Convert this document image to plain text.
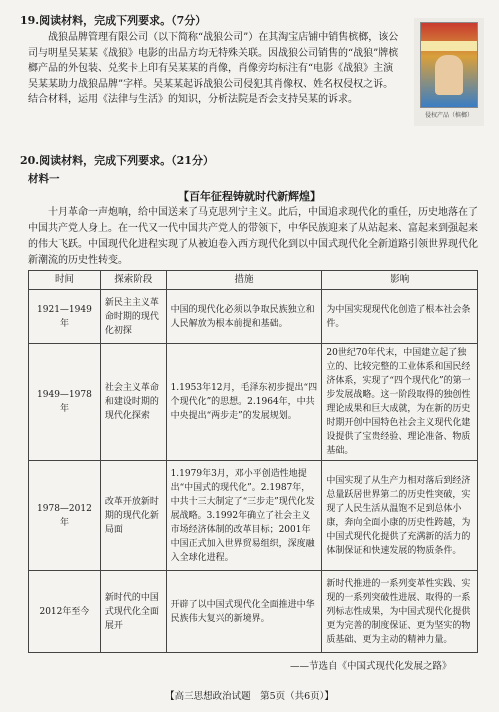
19.阅读材料，完成下列要求。（7分）

战狼品牌管理有限公司（以下简称“战狼公司”）在其淘宝店铺中销售槟榔，该公司与明星吴某某《战狼》电影的出品方均无特殊关联。因战狼公司销售的“战狼”牌槟榔产品的外包装、兑奖卡上印有吴某某的肖像，肖像旁均标注有“电影《战狼》主演吴某某助力战狼品牌”字样。吴某某起诉战狼公司侵犯其肖像权、姓名权侵权之诉。

结合材料，运用《法律与生活》的知识，分析法院是否会支持吴某的诉求。

侵权产品（槟榔）
20.阅读材料，完成下列要求。（21分）
材料一
【百年征程铸就时代新辉煌】

十月革命一声炮响，给中国送来了马克思列宁主义。此后，中国追求现代化的重任，历史地落在了中国共产党人身上。在一代又一代中国共产党人的带领下，中华民族迎来了从站起来、富起来到强起来的伟大飞跃。中国现代化进程实现了从被迫卷入西方现代化到以中国式现代化全新道路引领世界现代化新潮流的历史性转变。

时间	探索阶段	措施	影响
1921—1949年	新民主主义革命时期的现代化初探	中国的现代化必须以争取民族独立和人民解放为根本前提和基础。	为中国实现现代化创造了根本社会条件。
1949—1978年	社会主义革命和建设时期的现代化探索	1.1953年12月，毛泽东初步提出“四个现代化”的思想。2.1964年，中共中央提出“两步走”的发展规划。	20世纪70年代末，中国建立起了独立的、比较完整的工业体系和国民经济体系，实现了“四个现代化”的第一步发展战略。这一阶段取得的独创性理论成果和巨大成就，为在新的历史时期开创中国特色社会主义现代化建设提供了宝贵经验、理论准备、物质基础。
1978—2012年	改革开放新时期的现代化新局面	1.1979年3月，邓小平创造性地提出“中国式的现代化”。2.1987年，中共十三大制定了“三步走”现代化发展战略。3.1992年确立了社会主义市场经济体制的改革目标；2001年中国正式加入世界贸易组织，深度融入全球化进程。	中国实现了从生产力相对落后到经济总量跃居世界第二的历史性突破，实现了人民生活从温饱不足到总体小康，奔向全面小康的历史性跨越，为中国式现代化提供了充满新的活力的体制保证和快速发展的物质条件。
2012年至今	新时代的中国式现代化全面展开	开辟了以中国式现代化全面推进中华民族伟大复兴的新境界。	新时代推进的一系列变革性实践、实现的一系列突破性进展、取得的一系列标志性成果，为中国式现代化提供更为完善的制度保证、更为坚实的物质基础、更为主动的精神力量。
——节选自《中国式现代化发展之路》
【高三思想政治试题　第5页（共6页）】
